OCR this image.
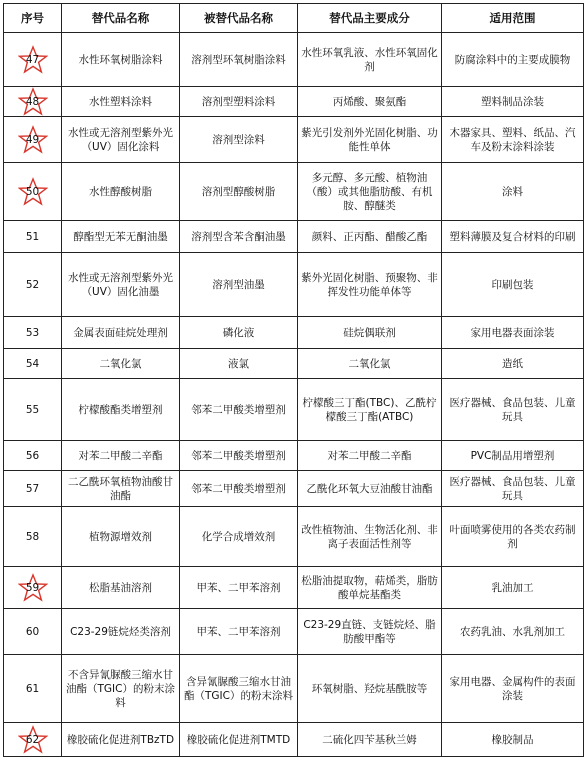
序号	替代品名称	被替代品名称	替代品主要成分	适用范围

47	水性环氧树脂涂料	溶剂型环氧树脂涂料	水性环氧乳液、水性环氧固化剂	防腐涂料中的主要成膜物

48	水性塑料涂料	溶剂型塑料涂料	丙烯酸、聚氨酯	塑料制品涂装

49	水性或无溶剂型紫外光（UV）固化涂料	溶剂型涂料	紫光引发剂外光固化树脂、功能性单体	木器家具、塑料、纸品、汽车及粉末涂料涂装

50	水性醇酸树脂	溶剂型醇酸树脂	多元醇、多元酸、植物油（酸）或其他脂肪酸、有机胺、醇醚类	涂料
51	醇酯型无苯无酮油墨	溶剂型含苯含酮油墨	颜料、正丙酯、醋酸乙酯	塑料薄膜及复合材料的印刷
52	水性或无溶剂型紫外光（UV）固化油墨	溶剂型油墨	紫外光固化树脂、预聚物、非挥发性功能单体等	印刷包装
53	金属表面硅烷处理剂	磷化液	硅烷偶联剂	家用电器表面涂装
54	二氧化氯	液氯	二氧化氯	造纸
55	柠檬酸酯类增塑剂	邻苯二甲酸类增塑剂	柠檬酸三丁酯(TBC)、乙酰柠檬酸三丁酯(ATBC)	医疗器械、食品包装、儿童玩具
56	对苯二甲酸二辛酯	邻苯二甲酸类增塑剂	对苯二甲酸二辛酯	PVC制品用增塑剂
57	二乙酰环氧植物油酸甘油酯	邻苯二甲酸类增塑剂	乙酰化环氧大豆油酸甘油酯	医疗器械、食品包装、儿童玩具
58	植物源增效剂	化学合成增效剂	改性植物油、生物活化剂、非离子表面活性剂等	叶面喷雾使用的各类农药制剂

59	松脂基油溶剂	甲苯、二甲苯溶剂	松脂油提取物，萜烯类，脂肪酸单烷基酯类	乳油加工
60	C23-29链烷烃类溶剂	甲苯、二甲苯溶剂	C23-29直链、支链烷烃、脂肪酸甲酯等	农药乳油、水乳剂加工
61	不含异氰脲酸三缩水甘油酯（TGIC）的粉末涂料	含异氰脲酸三缩水甘油酯（TGIC）的粉末涂料	环氧树脂、羟烷基酰胺等	家用电器、金属构件的表面涂装

62	橡胶硫化促进剂TBzTD	橡胶硫化促进剂TMTD	二硫化四苄基秋兰姆	橡胶制品
